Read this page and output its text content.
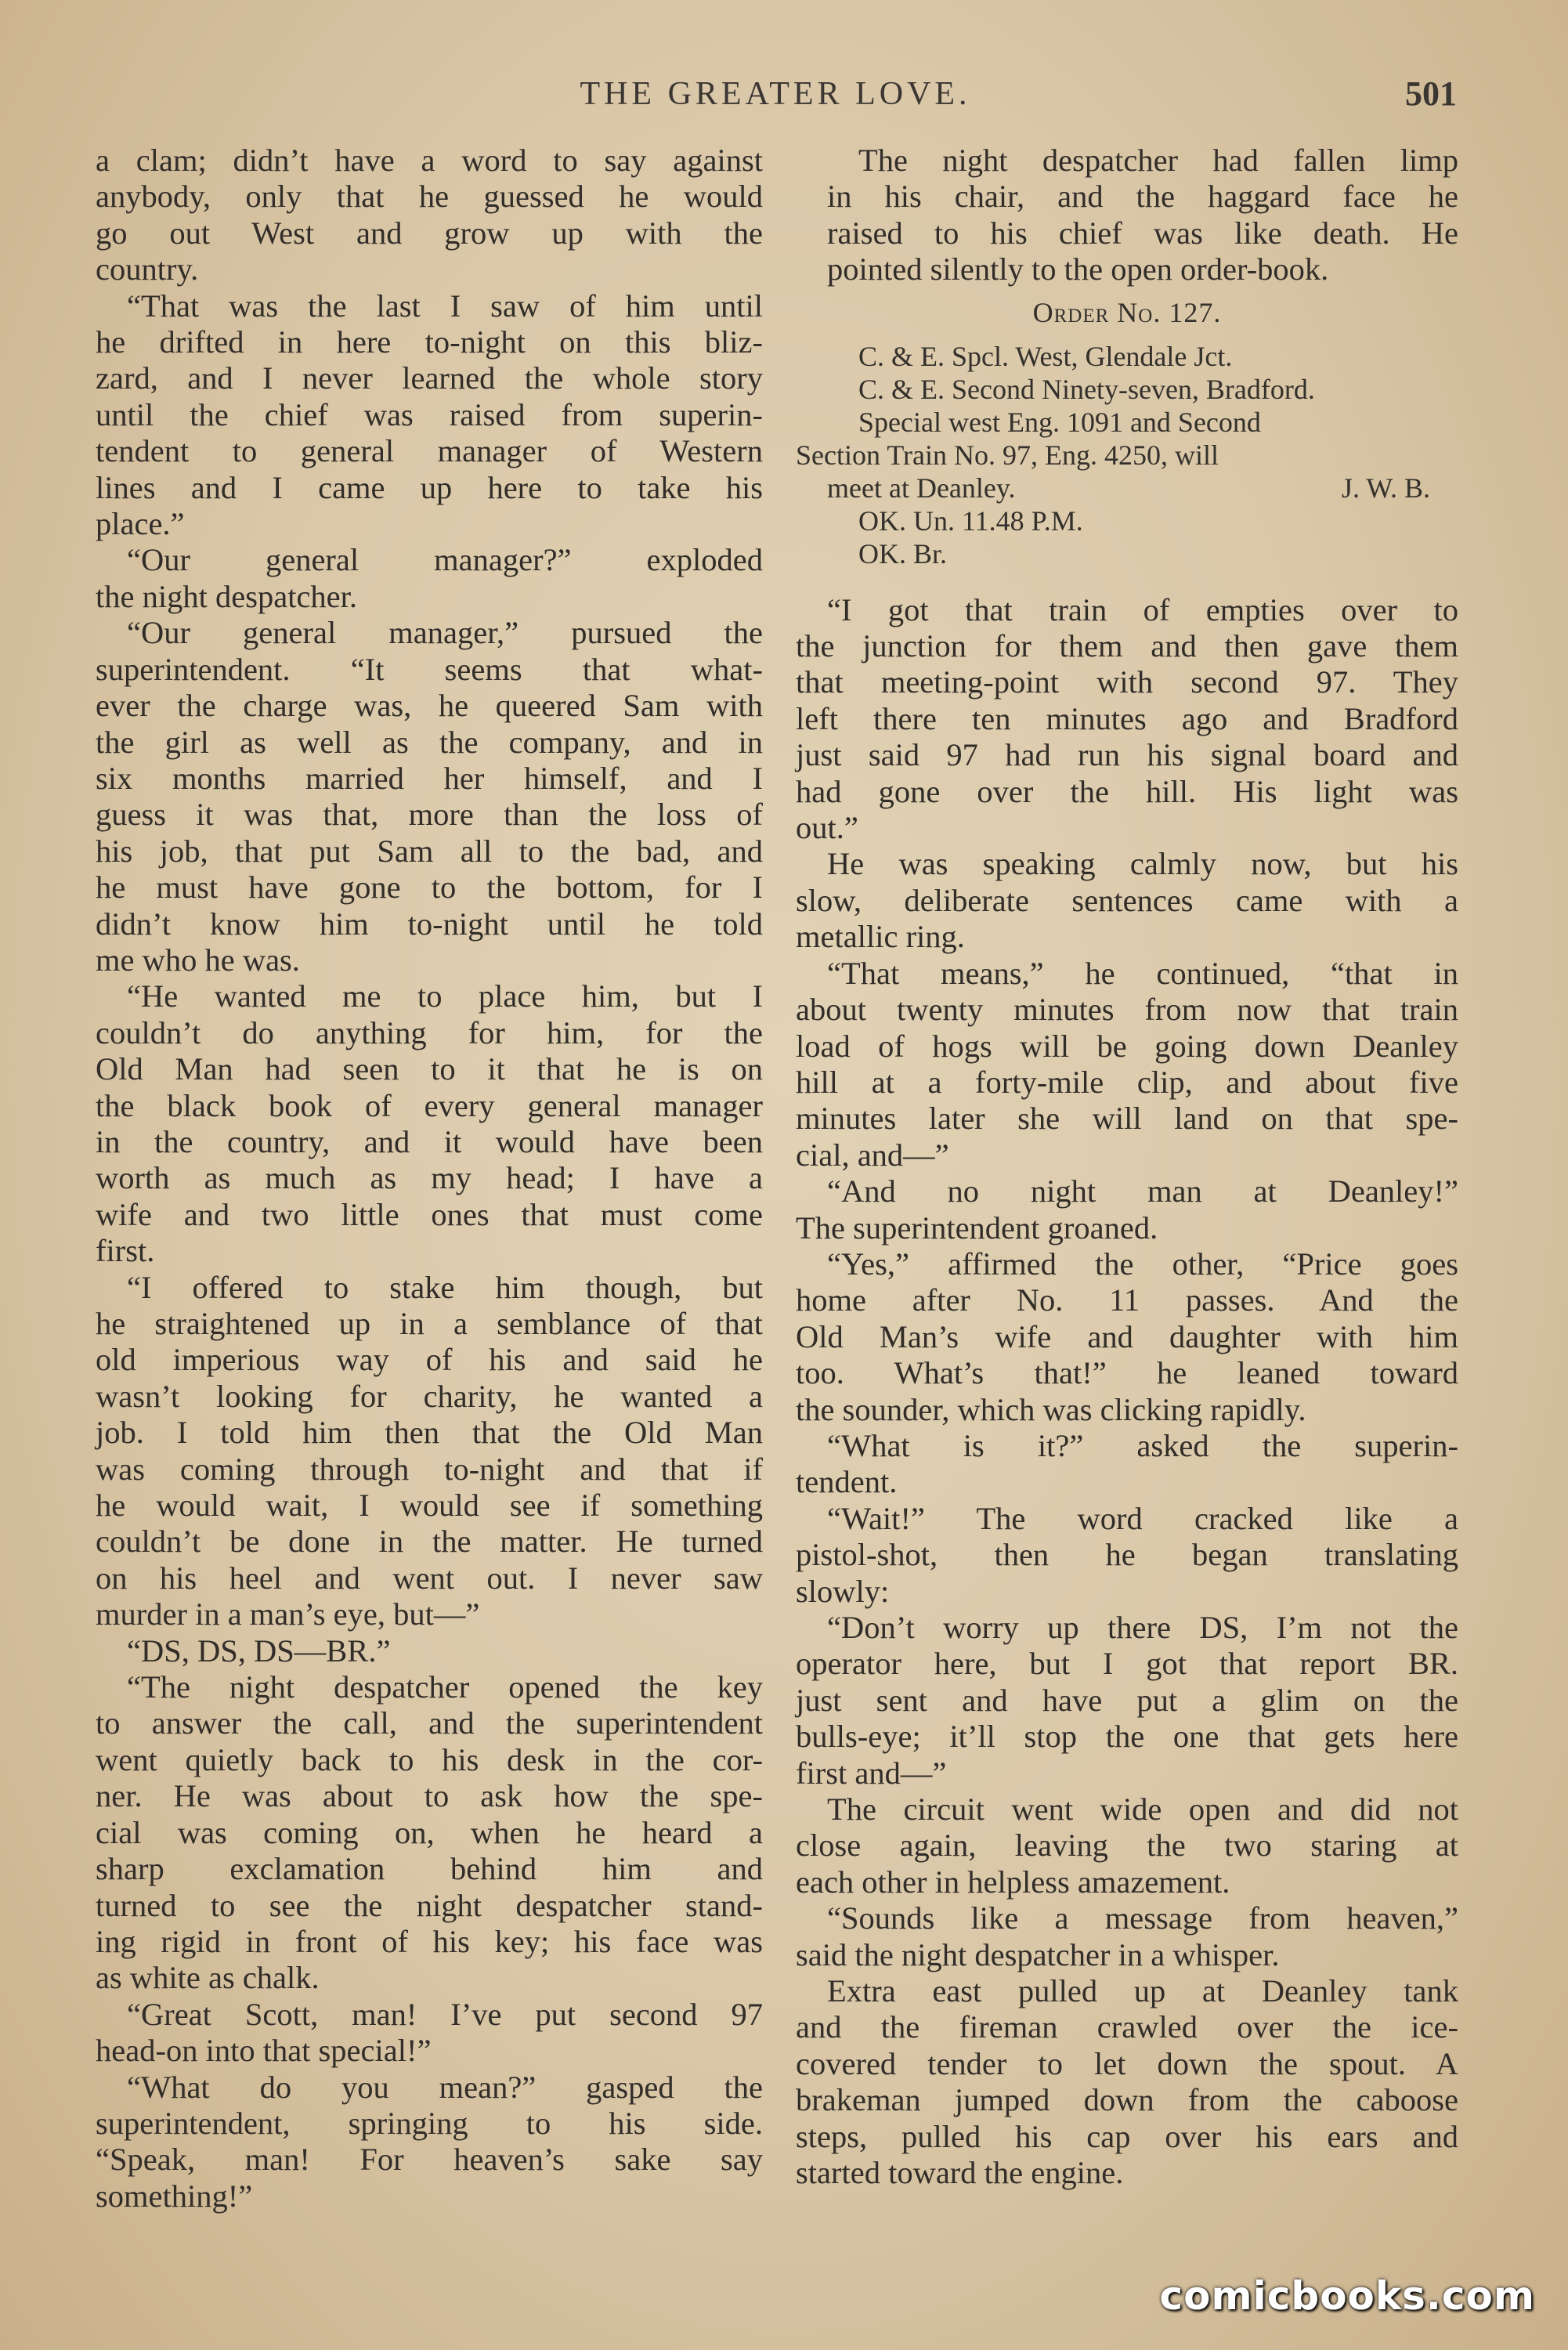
THE GREATER LOVE.	501
a clam; didn’t have a word to say against
anybody, only that he guessed he would
go out West and grow up with the
country.
“That was the last I saw of him until
he drifted in here to-night on this bliz-
zard, and I never learned the whole story
until the chief was raised from superin-
tendent to general manager of Western
lines and I came up here to take his
place.”
“Our general manager?” exploded
the night despatcher.
“Our general manager,” pursued the
superintendent. “It seems that what-
ever the charge was, he queered Sam with
the girl as well as the company, and in
six months married her himself, and I
guess it was that, more than the loss of
his job, that put Sam all to the bad, and
he must have gone to the bottom, for I
didn’t know him to-night until he told
me who he was.
“He wanted me to place him, but I
couldn’t do anything for him, for the
Old Man had seen to it that he is on
the black book of every general manager
in the country, and it would have been
worth as much as my head; I have a
wife and two little ones that must come
first.
“I offered to stake him though, but
he straightened up in a semblance of that
old imperious way of his and said he
wasn’t looking for charity, he wanted a
job. I told him then that the Old Man
was coming through to-night and that if
he would wait, I would see if something
couldn’t be done in the matter. He turned
on his heel and went out. I never saw
murder in a man’s eye, but—”
“DS, DS, DS—BR.”
“The night despatcher opened the key
to answer the call, and the superintendent
went quietly back to his desk in the cor-
ner. He was about to ask how the spe-
cial was coming on, when he heard a
sharp exclamation behind him and
turned to see the night despatcher stand-
ing rigid in front of his key; his face was
as white as chalk.
“Great Scott, man! I’ve put second 97
head-on into that special!”
“What do you mean?” gasped the
superintendent, springing to his side.
“Speak, man! For heaven’s sake say
something!”
The night despatcher had fallen limp
in his chair, and the haggard face he
raised to his chief was like death. He
pointed silently to the open order-book.
Order No. 127.
C. & E. Spcl. West, Glendale Jct.
C. & E. Second Ninety-seven, Bradford.
Special west Eng. 1091 and Second
Section Train No. 97, Eng. 4250, will
meet at Deanley.	J. W. B.
OK. Un. 11.48 P.M.
OK. Br.
“I got that train of empties over to
the junction for them and then gave them
that meeting-point with second 97. They
left there ten minutes ago and Bradford
just said 97 had run his signal board and
had gone over the hill. His light was
out.”
He was speaking calmly now, but his
slow, deliberate sentences came with a
metallic ring.
“That means,” he continued, “that in
about twenty minutes from now that train
load of hogs will be going down Deanley
hill at a forty-mile clip, and about five
minutes later she will land on that spe-
cial, and—”
“And no night man at Deanley!”
The superintendent groaned.
“Yes,” affirmed the other, “Price goes
home after No. 11 passes. And the
Old Man’s wife and daughter with him
too. What’s that!” he leaned toward
the sounder, which was clicking rapidly.
“What is it?” asked the superin-
tendent.
“Wait!” The word cracked like a
pistol-shot, then he began translating
slowly:
“Don’t worry up there DS, I’m not the
operator here, but I got that report BR.
just sent and have put a glim on the
bulls-eye; it’ll stop the one that gets here
first and—”
The circuit went wide open and did not
close again, leaving the two staring at
each other in helpless amazement.
“Sounds like a message from heaven,”
said the night despatcher in a whisper.
Extra east pulled up at Deanley tank
and the fireman crawled over the ice-
covered tender to let down the spout. A
brakeman jumped down from the caboose
steps, pulled his cap over his ears and
started toward the engine.
comicbooks.com
